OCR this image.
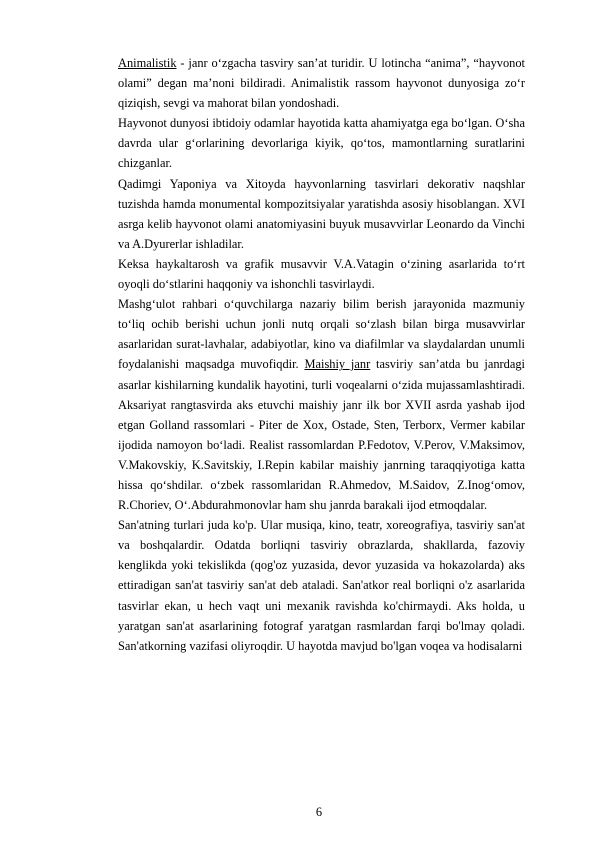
Animalistik - janr o‘zgacha tasviry san’at turidir. U lotincha “anima”, “hayvonot olami” degan ma’noni bildiradi. Animalistik rassom hayvonot dunyosiga zo‘r qiziqish, sevgi va mahorat bilan yondoshadi.

Hayvonot dunyosi ibtidoiy odamlar hayotida katta ahamiyatga ega bo‘lgan. O‘sha davrda ular g‘orlarining devorlariga kiyik, qo‘tos, mamontlarning suratlarini chizganlar.

Qadimgi Yaponiya va Xitoyda hayvonlarning tasvirlari dekorativ naqshlar tuzishda hamda monumental kompozitsiyalar yaratishda asosiy hisoblangan. XVI asrga kelib hayvonot olami anatomiyasini buyuk musavvirlar Leonardo da Vinchi va A.Dyurerlar ishladilar.

Keksa haykaltarosh va grafik musavvir V.A.Vatagin o‘zining asarlarida to‘rt oyoqli do‘stlarini haqqoniy va ishonchli tasvirlaydi.

Mashg‘ulot rahbari o‘quvchilarga nazariy bilim berish jarayonida mazmuniy to‘liq ochib berishi uchun jonli nutq orqali so‘zlash bilan birga musavvirlar asarlaridan surat-lavhalar, adabiyotlar, kino va diafilmlar va slaydalardan unumli foydalanishi maqsadga muvofiqdir. Maishiy janr tasviriy san’atda bu janrdagi asarlar kishilarning kundalik hayotini, turli voqealarni o‘zida mujassamlashtiradi. Aksariyat rangtasvirda aks etuvchi maishiy janr ilk bor XVII asrda yashab ijod etgan Golland rassomlari - Piter de Xox, Ostade, Sten, Terborx, Vermer kabilar ijodida namoyon bo‘ladi. Realist rassomlardan P.Fedotov, V.Perov, V.Maksimov, V.Makovskiy, K.Savitskiy, I.Repin kabilar maishiy janrning taraqqiyotiga katta hissa qo‘shdilar. o‘zbek rassomlaridan R.Ahmedov, M.Saidov, Z.Inog‘omov, R.Choriev, O‘.Abdurahmonovlar ham shu janrda barakali ijod etmoqdalar.

San'atning turlari juda ko'p. Ular musiqa, kino, teatr, xoreografiya, tasviriy san'at va boshqalardir. Odatda borliqni tasviriy obrazlarda, shakllarda, fazoviy kenglikda yoki tekislikda (qog'oz yuzasida, devor yuzasida va hokazolarda) aks ettiradigan san'at tasviriy san'at deb ataladi. San'atkor real borliqni o'z asarlarida tasvirlar ekan, u hech vaqt uni mexanik ravishda ko'chirmaydi. Aks holda, u yaratgan san'at asarlarining fotograf yaratgan rasmlardan farqi bo'lmay qoladi. San'atkorning vazifasi oliyroqdir. U hayotda mavjud bo'lgan voqea va hodisalarni

6
